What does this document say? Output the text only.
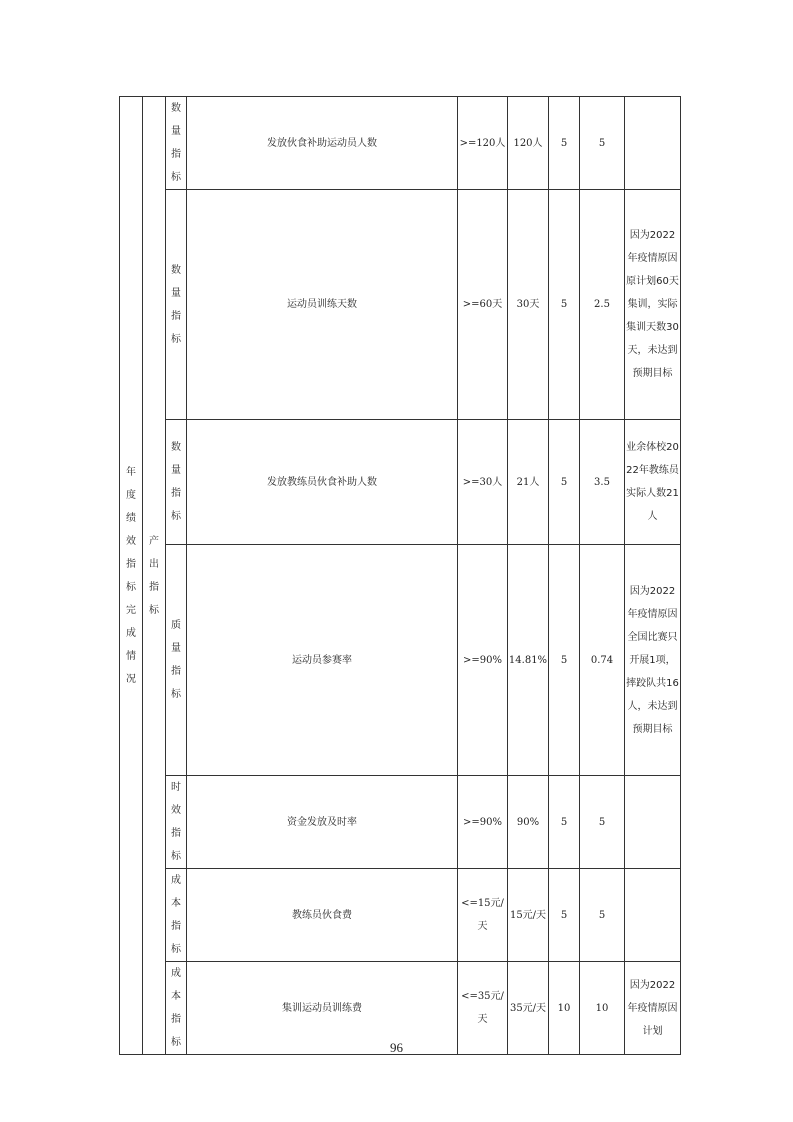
年度绩效指标完成情况	产出指标	数量指标	发放伙食补助运动员人数	>=120人	120人	5	5	

		数量指标	运动员训练天数	>=60天	30天	5	2.5	因为2022年疫情原因原计划60天集训，实际集训天数30天，未达到预期目标

		数量指标	发放教练员伙食补助人数	>=30人	21人	5	3.5	业余体校2022年教练员实际人数21人

		质量指标	运动员参赛率	>=90%	14.81%	5	0.74	因为2022年疫情原因全国比赛只开展1项，摔跤队共16人，未达到预期目标

		时效指标	资金发放及时率	>=90%	90%	5	5	

		成本指标	教练员伙食费	<=15元/天	15元/天	5	5	

		成本指标	集训运动员训练费	<=35元/天	35元/天	10	10	因为2022年疫情原因计划
96
